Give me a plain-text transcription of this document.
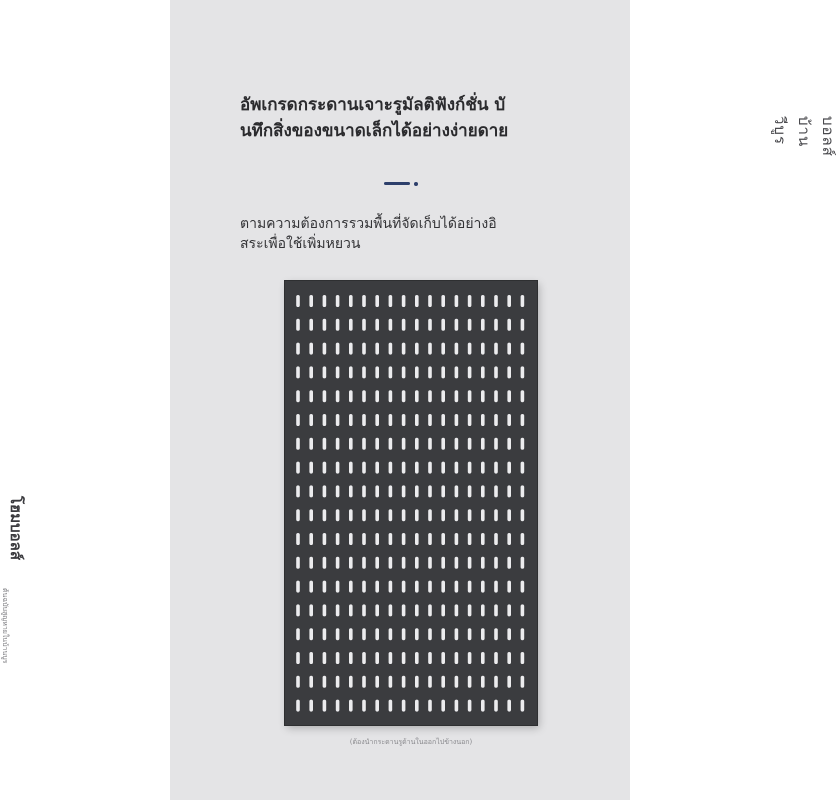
อัพเกรดกระดานเจาะรูมัลติฟังก์ชั่น บั
นทึกสิ่งของขนาดเล็กได้อย่างง่ายดาย
ตามความต้องการรวมพื้นที่จัดเก็บได้อย่างอิ
สระเพื่อใช้เพิ่มหยวน
(ต้องนำกระดานรูด้านในออกไปข้างนอก)
บอลส์
บ้าน
วีบูร
โฮมบอลส์
ต้นฉบับสูญหายในบ้านบูร
